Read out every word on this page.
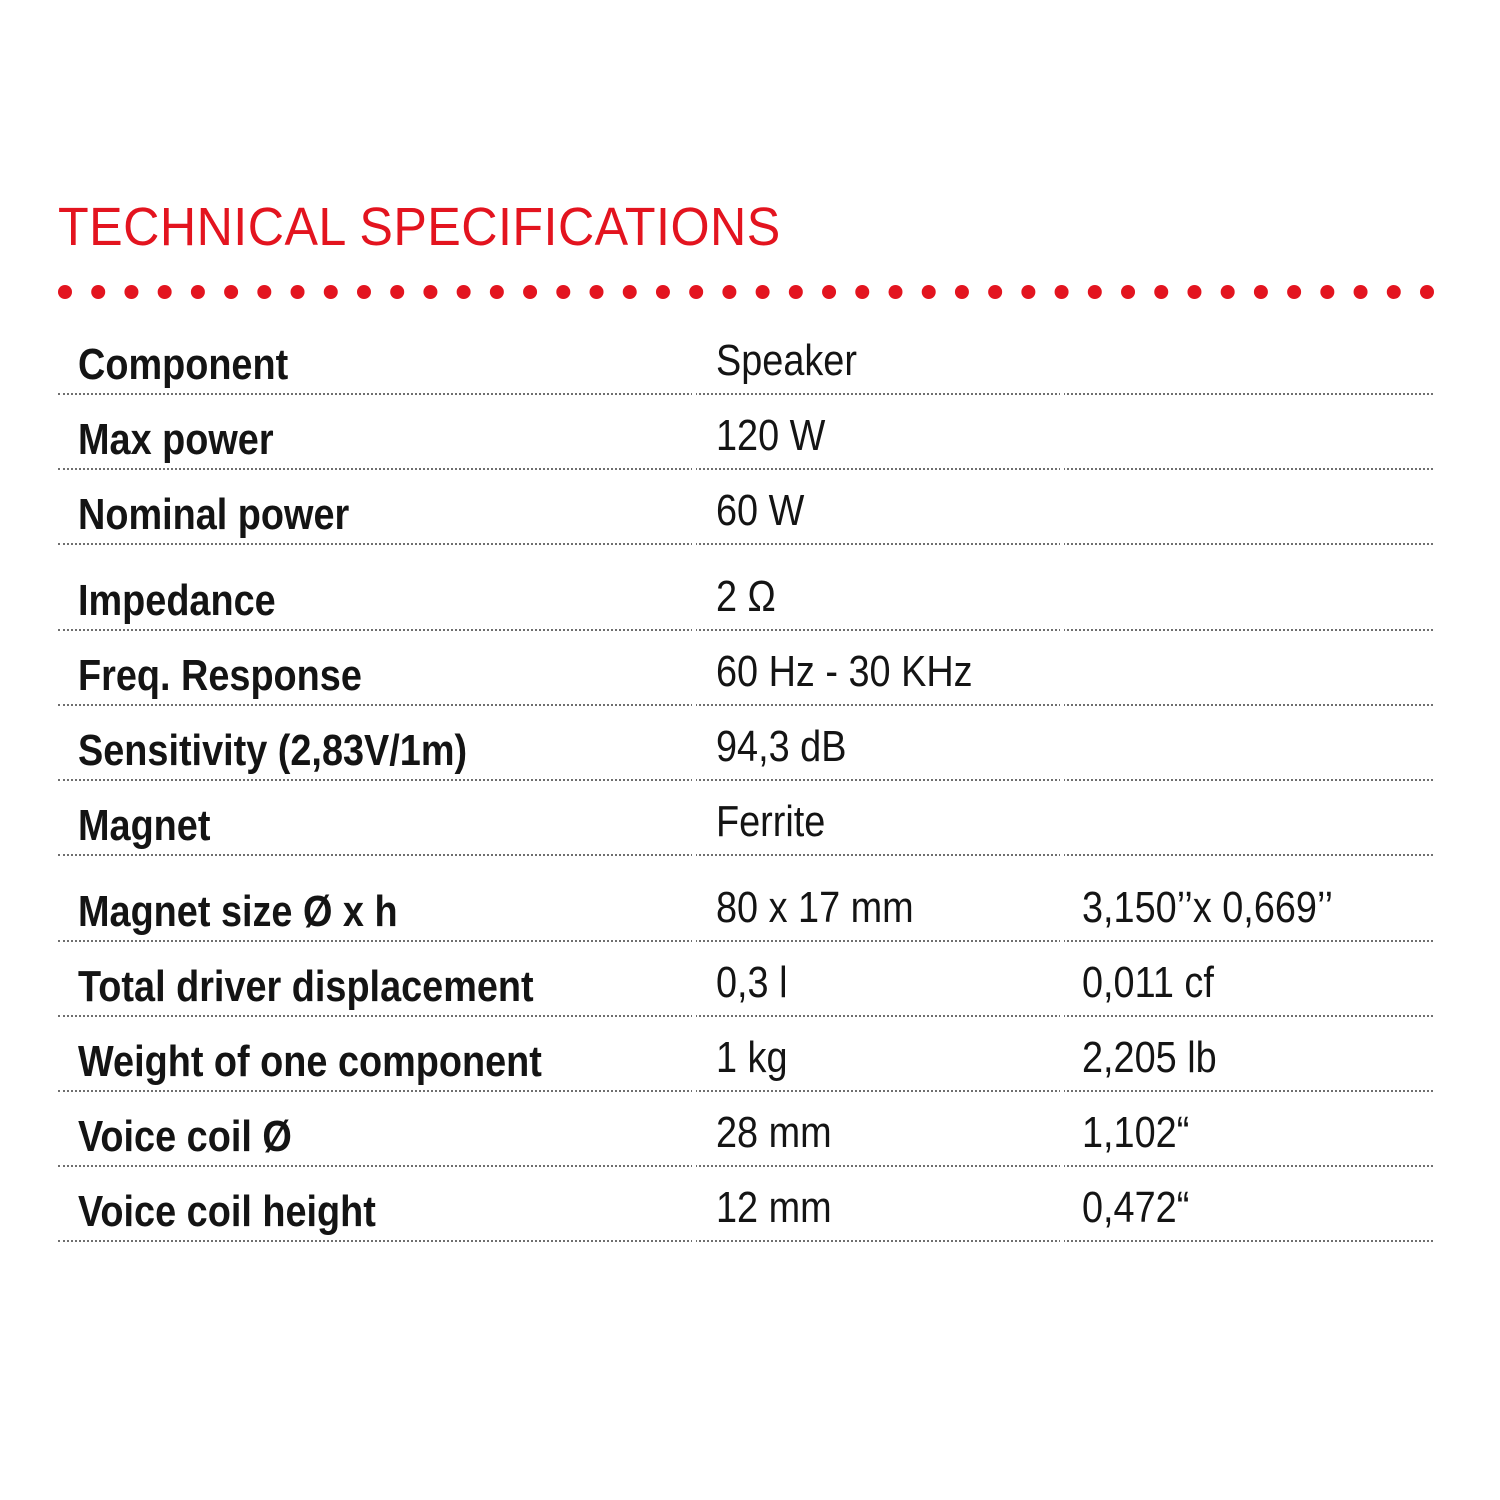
TECHNICAL SPECIFICATIONS
Component	Speaker
Max power	120 W
Nominal power	60 W
Impedance	2 Ω
Freq. Response	60 Hz - 30 KHz
Sensitivity (2,83V/1m)	94,3 dB
Magnet	Ferrite
Magnet size Ø x h	80 x 17 mm	3,150’’x 0,669’’
Total driver displacement	0,3 l	0,011 cf
Weight of one component	1 kg	2,205 lb
Voice coil Ø	28 mm	1,102“
Voice coil height	12 mm	0,472“
